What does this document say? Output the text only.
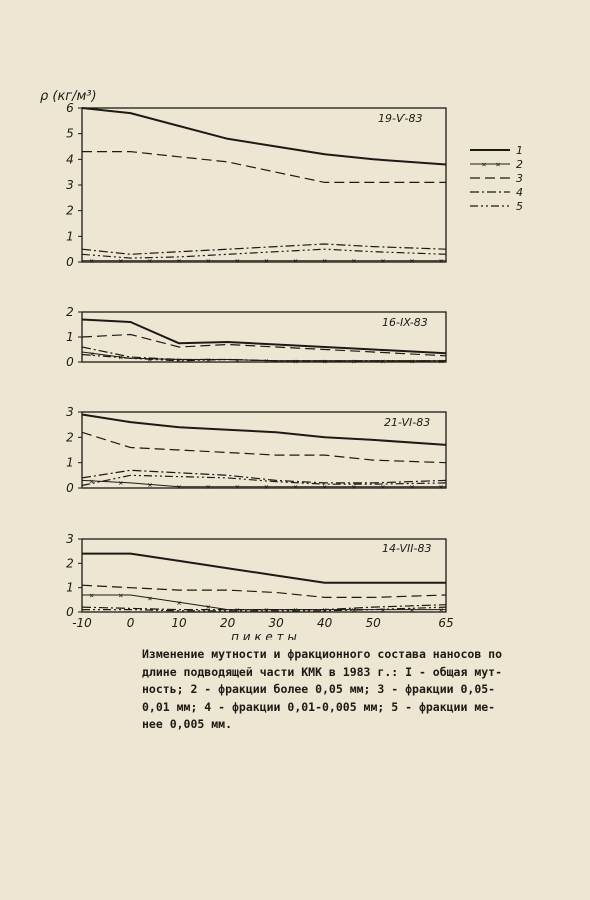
0
1
2
3
4
5
6
19-Ѵ-83
×	×	×	×	×	×	×	×	×	×	×	×	×
0
1
2
16-IX-83
×	×	×	×	×	×	×	×	×	×	×	×	×
0
1
2
3
21-VI-83
×	×	×	×	×	×	×	×	×	×	×	×	×
0
1
2
3
14-VII-83
×	×	×	×	×	×	×	×	×	×	×	×	×
ρ (кг/м³)
-10	0	10	20	30	40	50	65
п и к е т ы
1
× × 2
3
4
5
Изменение мутности и фракционного состава наносов по
длине подводящей части КМК в 1983 г.: I - общая мут-
ность; 2 - фракции более 0,05 мм; 3 - фракции 0,05-
0,01 мм; 4 - фракции 0,01-0,005 мм; 5 - фракции ме-
нее 0,005 мм.
